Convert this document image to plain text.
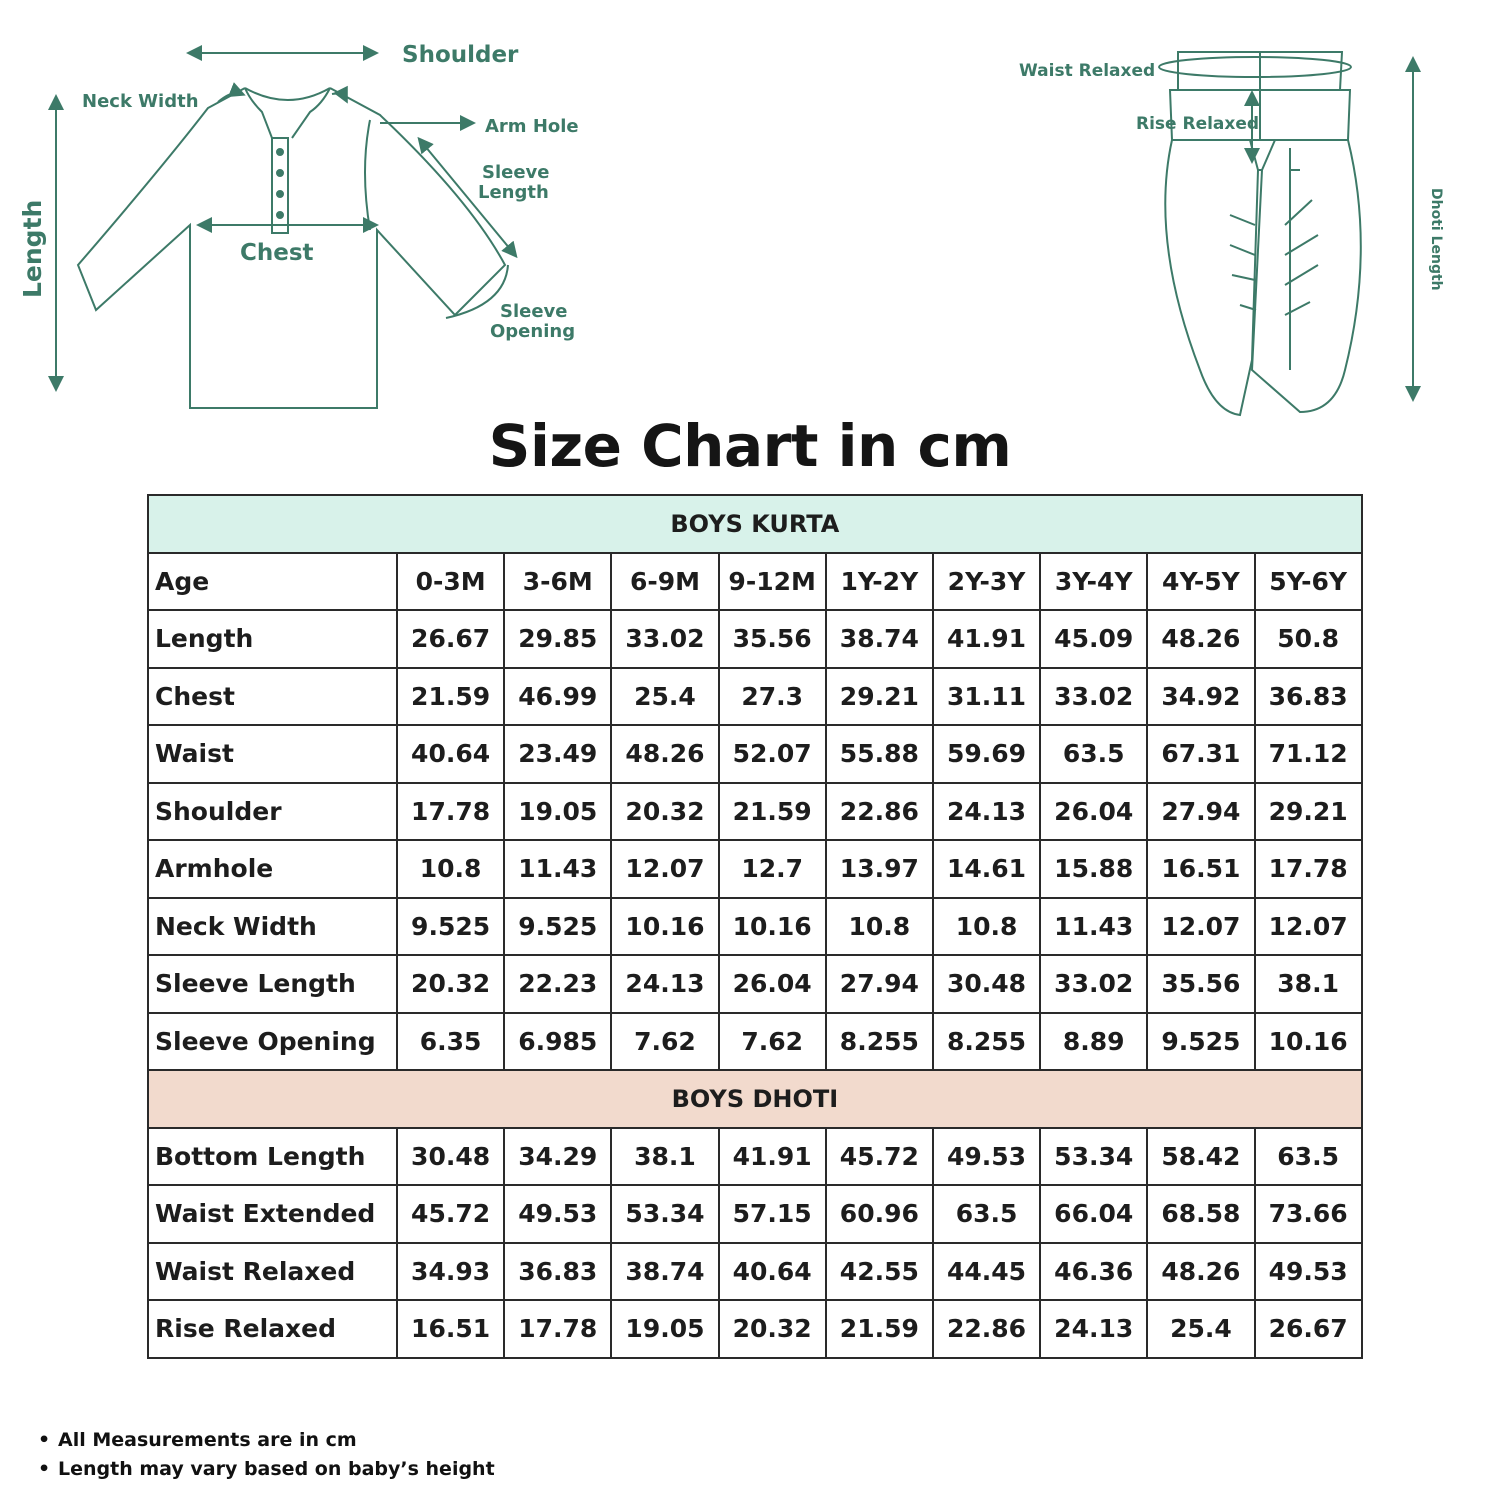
Shoulder
Neck Width
Arm Hole
Sleeve
Length
Chest
Sleeve
Opening
Length
Waist Relaxed
Rise Relaxed
Dhoti Length
Size Chart in cm
BOYS KURTA									
Age	0-3M	3-6M	6-9M	9-12M	1Y-2Y	2Y-3Y	3Y-4Y	4Y-5Y	5Y-6Y
Length	26.67	29.85	33.02	35.56	38.74	41.91	45.09	48.26	50.8
Chest	21.59	46.99	25.4	27.3	29.21	31.11	33.02	34.92	36.83
Waist	40.64	23.49	48.26	52.07	55.88	59.69	63.5	67.31	71.12
Shoulder	17.78	19.05	20.32	21.59	22.86	24.13	26.04	27.94	29.21
Armhole	10.8	11.43	12.07	12.7	13.97	14.61	15.88	16.51	17.78
Neck Width	9.525	9.525	10.16	10.16	10.8	10.8	11.43	12.07	12.07
Sleeve Length	20.32	22.23	24.13	26.04	27.94	30.48	33.02	35.56	38.1
Sleeve Opening	6.35	6.985	7.62	7.62	8.255	8.255	8.89	9.525	10.16
BOYS DHOTI									
Bottom Length	30.48	34.29	38.1	41.91	45.72	49.53	53.34	58.42	63.5
Waist Extended	45.72	49.53	53.34	57.15	60.96	63.5	66.04	68.58	73.66
Waist Relaxed	34.93	36.83	38.74	40.64	42.55	44.45	46.36	48.26	49.53
Rise Relaxed	16.51	17.78	19.05	20.32	21.59	22.86	24.13	25.4	26.67
• All Measurements are in cm
• Length may vary based on baby’s height
